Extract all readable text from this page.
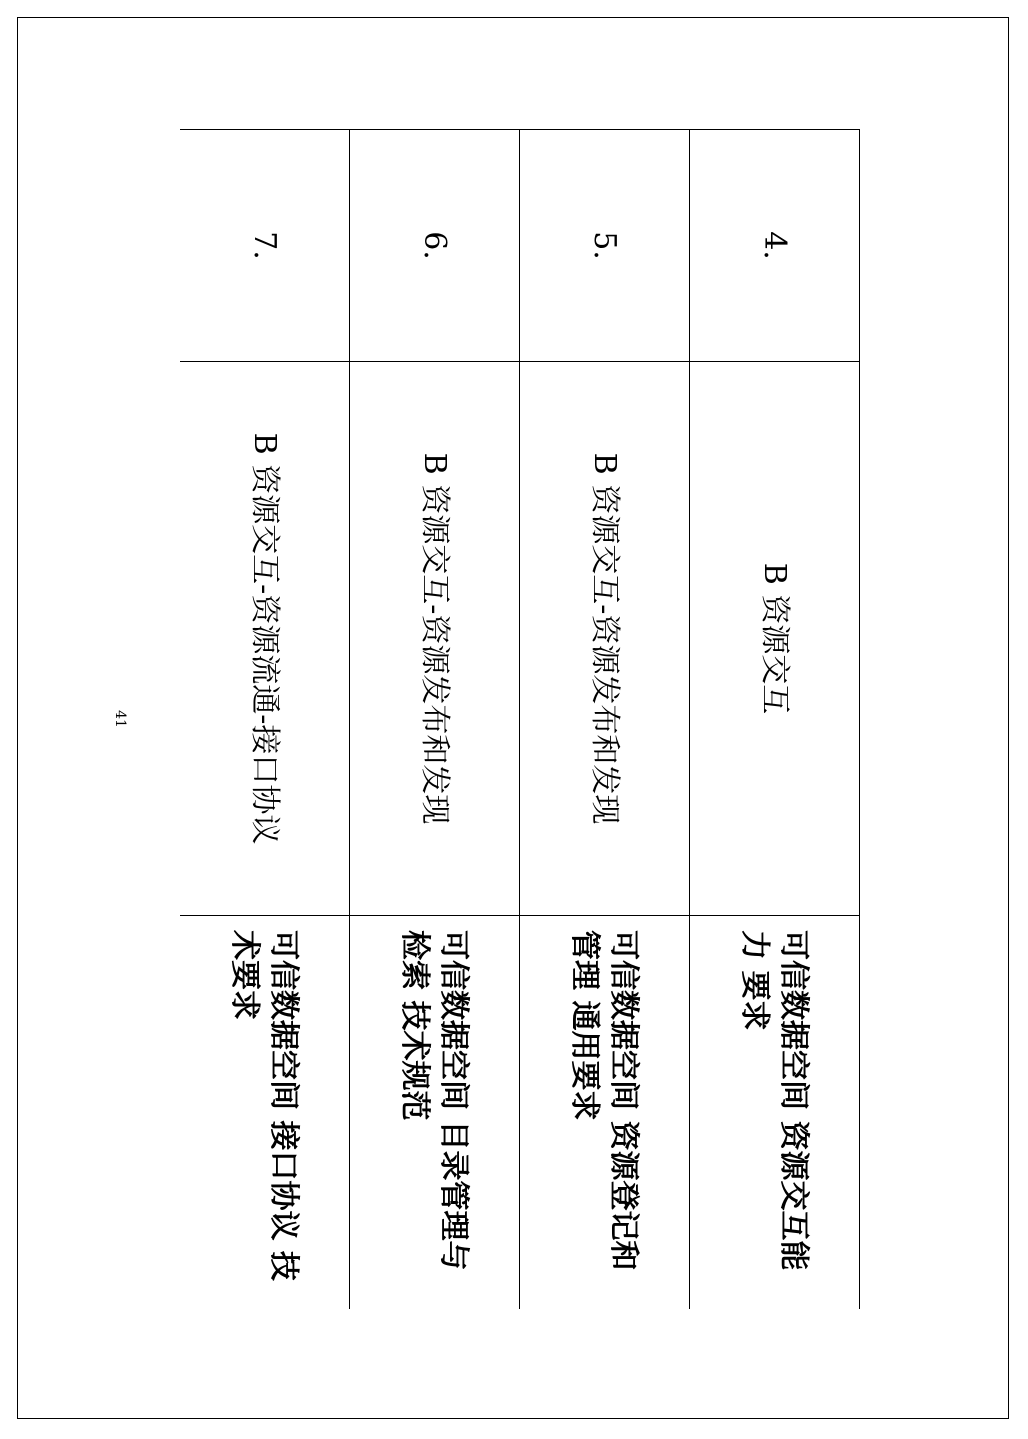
4.	B 资源交互	可信数据空间 资源交互能力 要求
5.	B 资源交互-资源发布和发现	可信数据空间 资源登记和管理 通用要求
6.	B 资源交互-资源发布和发现	可信数据空间 目录管理与检索 技术规范
7.	B 资源交互-资源流通-接口协议	可信数据空间 接口协议 技术要求
41
